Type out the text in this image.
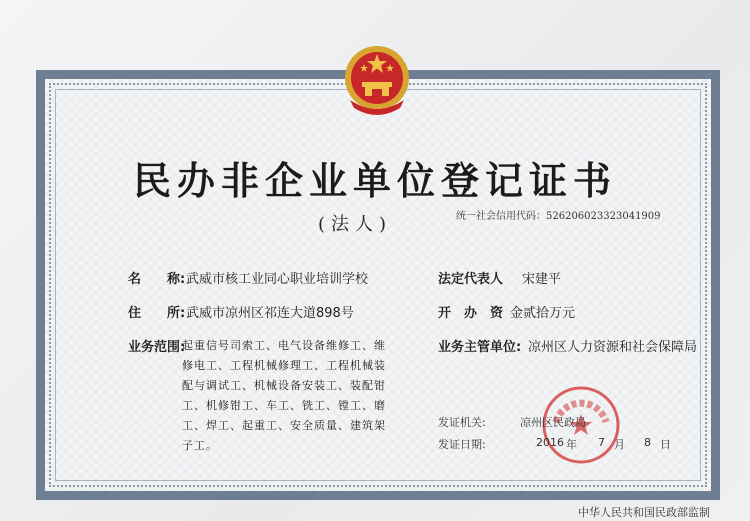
民办非企业单位登记证书
(法人)	统一社会信用代码：526206023323041909
名　　称: 武威市核工业同心职业培训学校
住　　所: 武威市凉州区祁连大道898号
业务范围:
起重信号司索工、电气设备维修工、维
修电工、工程机械修理工、工程机械装
配与调试工、机械设备安装工、装配钳
工、机修钳工、车工、铣工、镗工、磨
工、焊工、起重工、安全质量、建筑架
子工。
法定代表人 宋建平
开　办　资 金贰拾万元
业务主管单位: 凉州区人力资源和社会保障局
发证机关:	凉州区民政局
发证日期:	2016 年 7 月 8 日
中华人民共和国民政部监制
